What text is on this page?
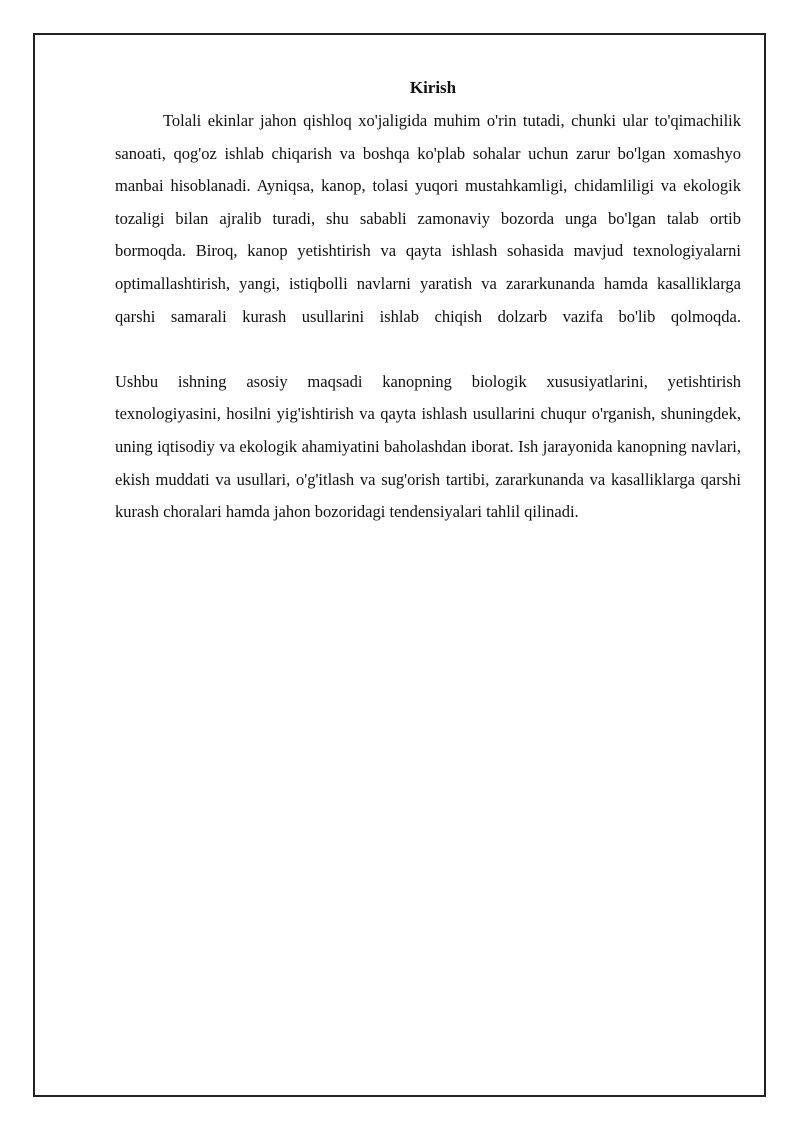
Kirish

Tolali ekinlar jahon qishloq xo'jaligida muhim o'rin tutadi, chunki ular to'qimachilik sanoati, qog'oz ishlab chiqarish va boshqa ko'plab sohalar uchun zarur bo'lgan xomashyo manbai hisoblanadi. Ayniqsa, kanop, tolasi yuqori mustahkamligi, chidamliligi va ekologik tozaligi bilan ajralib turadi, shu sababli zamonaviy bozorda unga bo'lgan talab ortib bormoqda. Biroq, kanop yetishtirish va qayta ishlash sohasida mavjud texnologiyalarni optimallashtirish, yangi, istiqbolli navlarni yaratish va zararkunanda hamda kasalliklarga qarshi samarali kurash usullarini ishlab chiqish dolzarb vazifa bo'lib qolmoqda.

Ushbu ishning asosiy maqsadi kanopning biologik xususiyatlarini, yetishtirish texnologiyasini, hosilni yig'ishtirish va qayta ishlash usullarini chuqur o'rganish, shuningdek, uning iqtisodiy va ekologik ahamiyatini baholashdan iborat. Ish jarayonida kanopning navlari, ekish muddati va usullari, o'g'itlash va sug'orish tartibi, zararkunanda va kasalliklarga qarshi kurash choralari hamda jahon bozoridagi tendensiyalari tahlil qilinadi.
